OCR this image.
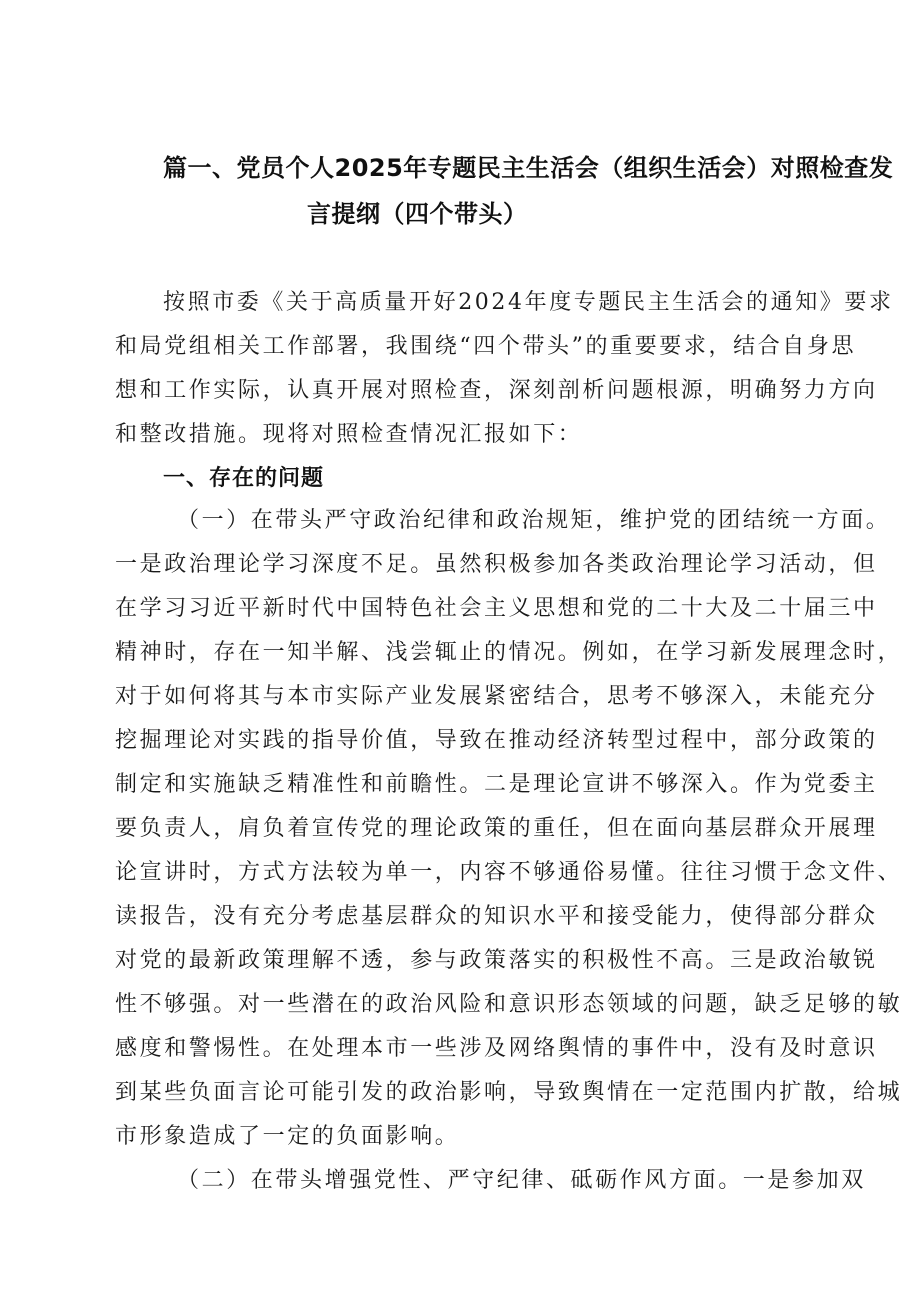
篇一、党员个人2025年专题民主生活会（组织生活会）对照检查发
言提纲（四个带头）
按照市委《关于高质量开好2024年度专题民主生活会的通知》要求
和局党组相关工作部署，我围绕“四个带头”的重要要求，结合自身思
想和工作实际，认真开展对照检查，深刻剖析问题根源，明确努力方向
和整改措施。现将对照检查情况汇报如下：
一、存在的问题
（一）在带头严守政治纪律和政治规矩，维护党的团结统一方面。
一是政治理论学习深度不足。虽然积极参加各类政治理论学习活动，但
在学习习近平新时代中国特色社会主义思想和党的二十大及二十届三中
精神时，存在一知半解、浅尝辄止的情况。例如，在学习新发展理念时，
对于如何将其与本市实际产业发展紧密结合，思考不够深入，未能充分
挖掘理论对实践的指导价值，导致在推动经济转型过程中，部分政策的
制定和实施缺乏精准性和前瞻性。二是理论宣讲不够深入。作为党委主
要负责人，肩负着宣传党的理论政策的重任，但在面向基层群众开展理
论宣讲时，方式方法较为单一，内容不够通俗易懂。往往习惯于念文件、
读报告，没有充分考虑基层群众的知识水平和接受能力，使得部分群众
对党的最新政策理解不透，参与政策落实的积极性不高。三是政治敏锐
性不够强。对一些潜在的政治风险和意识形态领域的问题，缺乏足够的敏
感度和警惕性。在处理本市一些涉及网络舆情的事件中，没有及时意识
到某些负面言论可能引发的政治影响，导致舆情在一定范围内扩散，给城
市形象造成了一定的负面影响。
（二）在带头增强党性、严守纪律、砥砺作风方面。一是参加双
